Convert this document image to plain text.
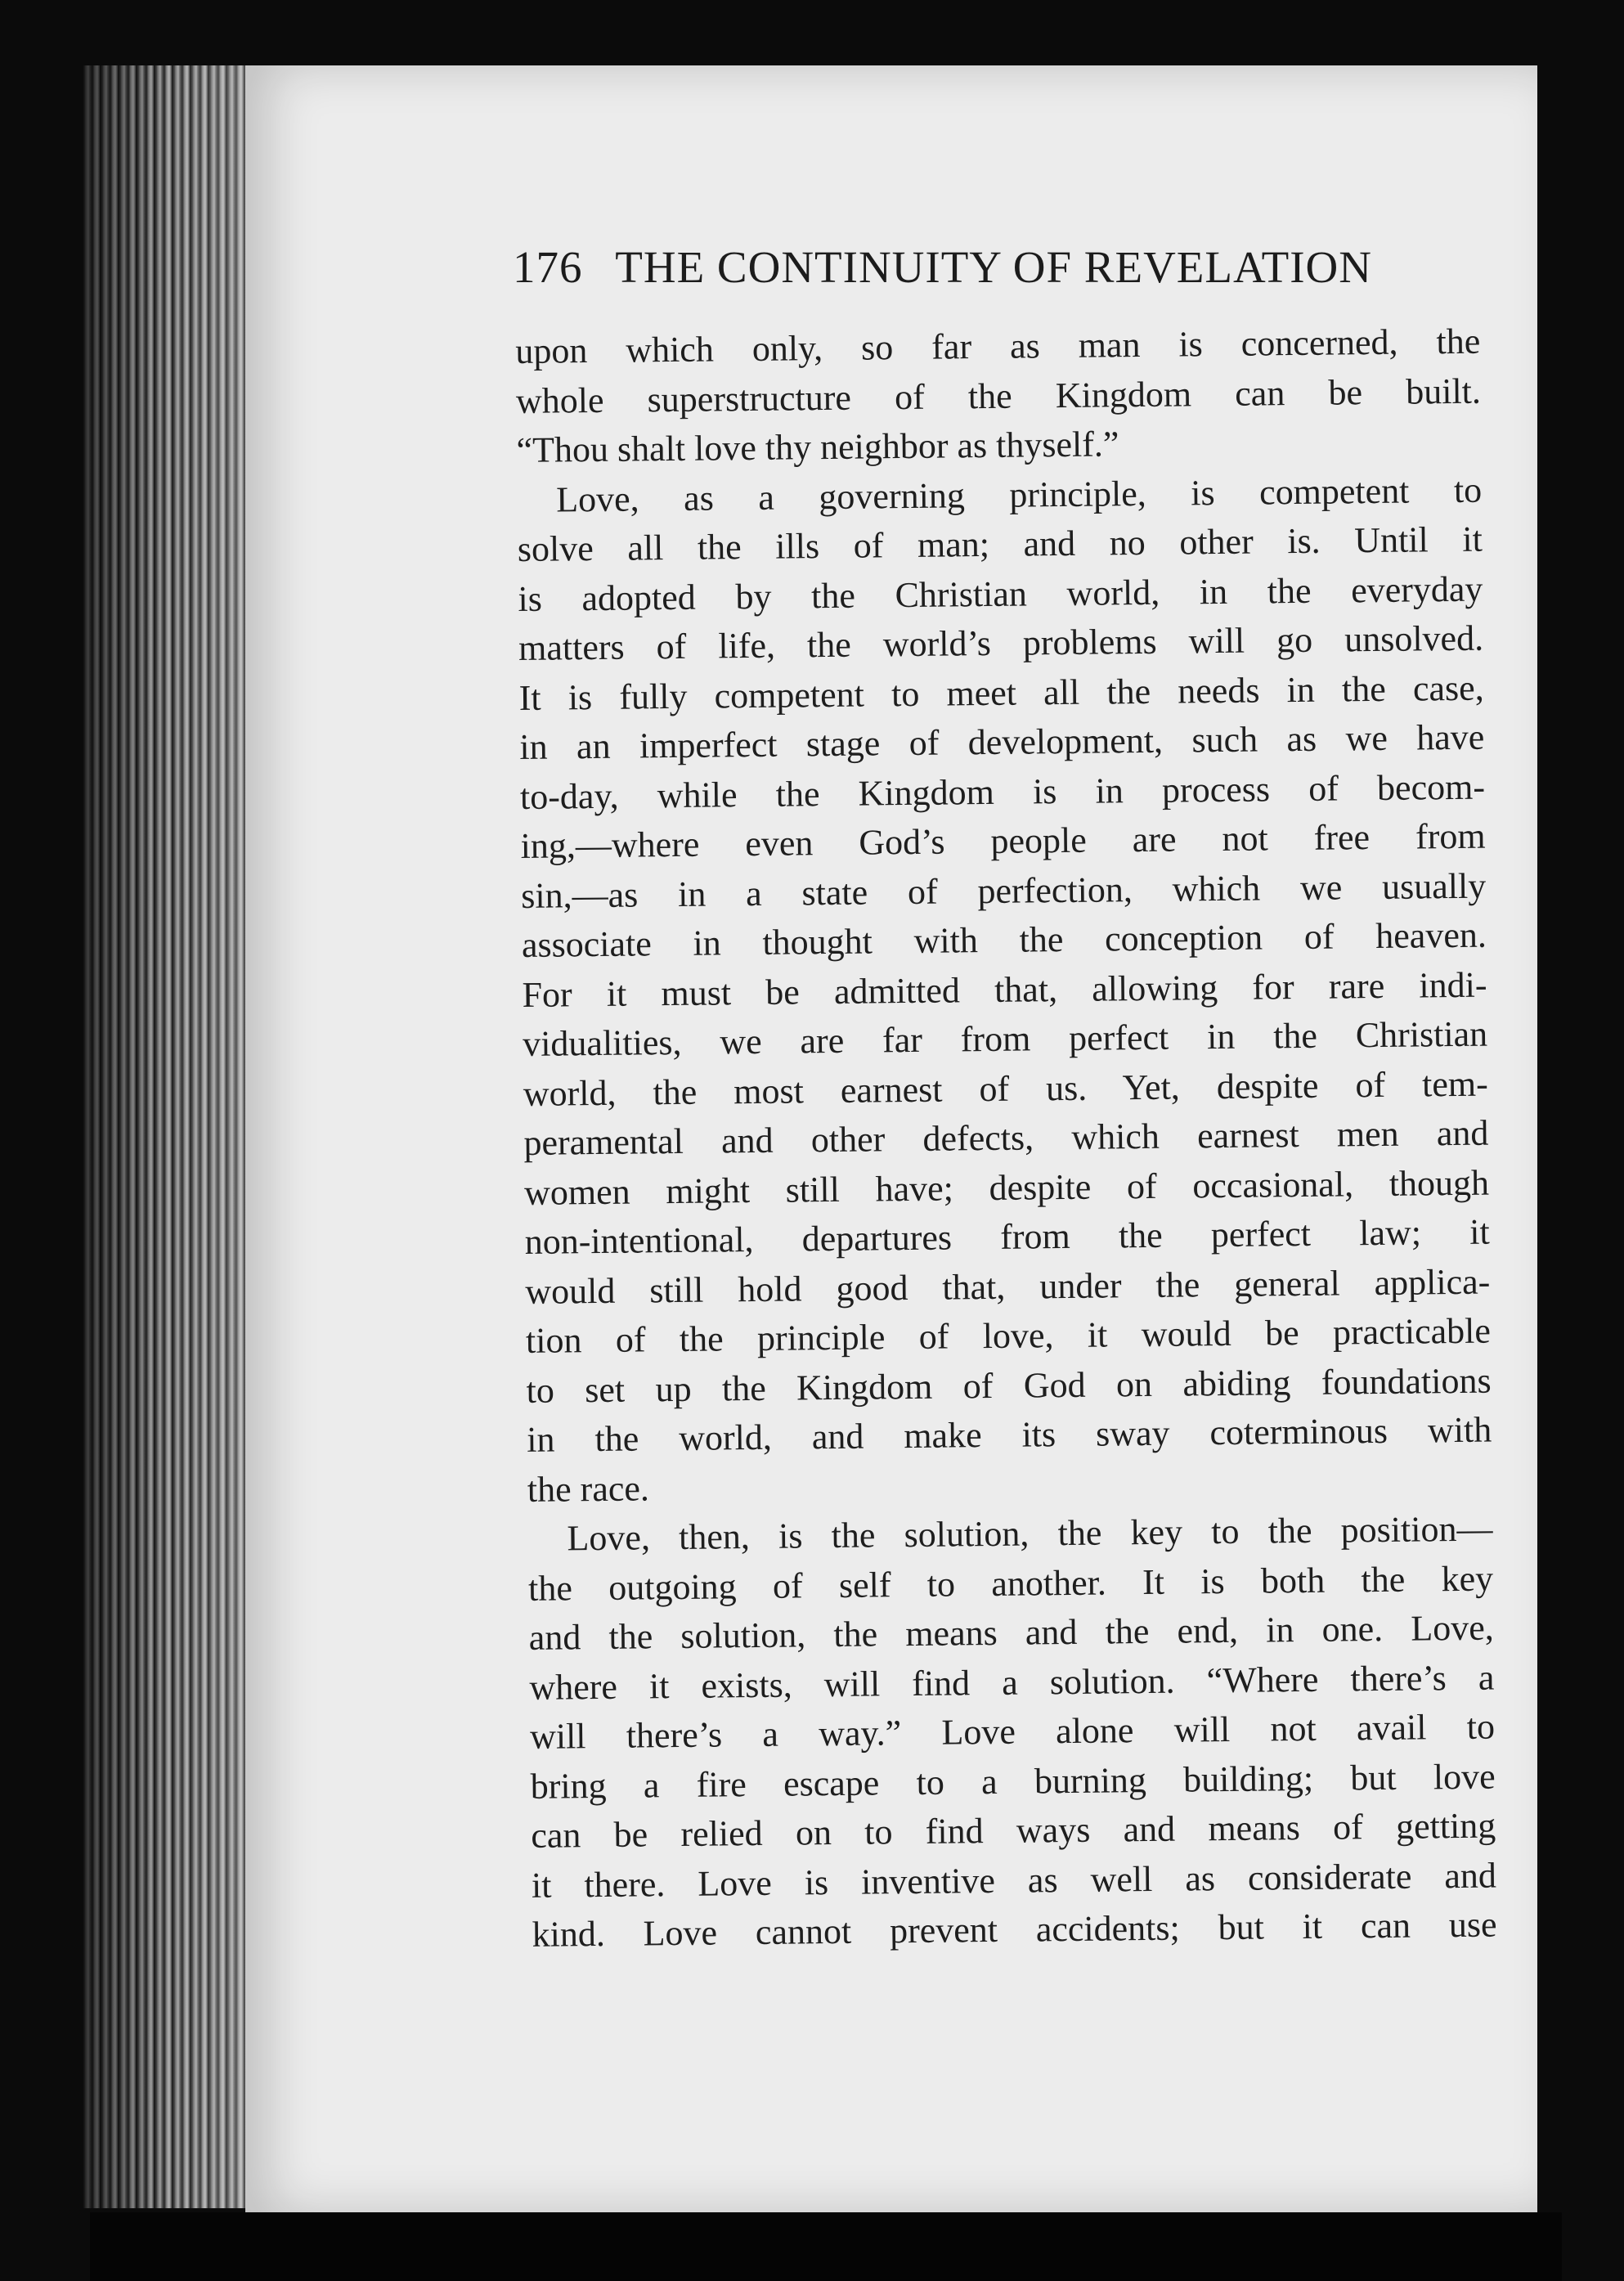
176 THE CONTINUITY OF REVELATION
upon which only, so far as man is concerned, the
whole superstructure of the Kingdom can be built.
“Thou shalt love thy neighbor as thyself.”
Love, as a governing principle, is competent to
solve all the ills of man; and no other is. Until it
is adopted by the Christian world, in the everyday
matters of life, the world’s problems will go unsolved.
It is fully competent to meet all the needs in the case,
in an imperfect stage of development, such as we have
to-day, while the Kingdom is in process of becom-
ing,—where even God’s people are not free from
sin,—as in a state of perfection, which we usually
associate in thought with the conception of heaven.
For it must be admitted that, allowing for rare indi-
vidualities, we are far from perfect in the Christian
world, the most earnest of us. Yet, despite of tem-
peramental and other defects, which earnest men and
women might still have; despite of occasional, though
non-intentional, departures from the perfect law; it
would still hold good that, under the general applica-
tion of the principle of love, it would be practicable
to set up the Kingdom of God on abiding foundations
in the world, and make its sway coterminous with
the race.
Love, then, is the solution, the key to the position—
the outgoing of self to another. It is both the key
and the solution, the means and the end, in one. Love,
where it exists, will find a solution. “Where there’s a
will there’s a way.” Love alone will not avail to
bring a fire escape to a burning building; but love
can be relied on to find ways and means of getting
it there. Love is inventive as well as considerate and
kind. Love cannot prevent accidents; but it can use
